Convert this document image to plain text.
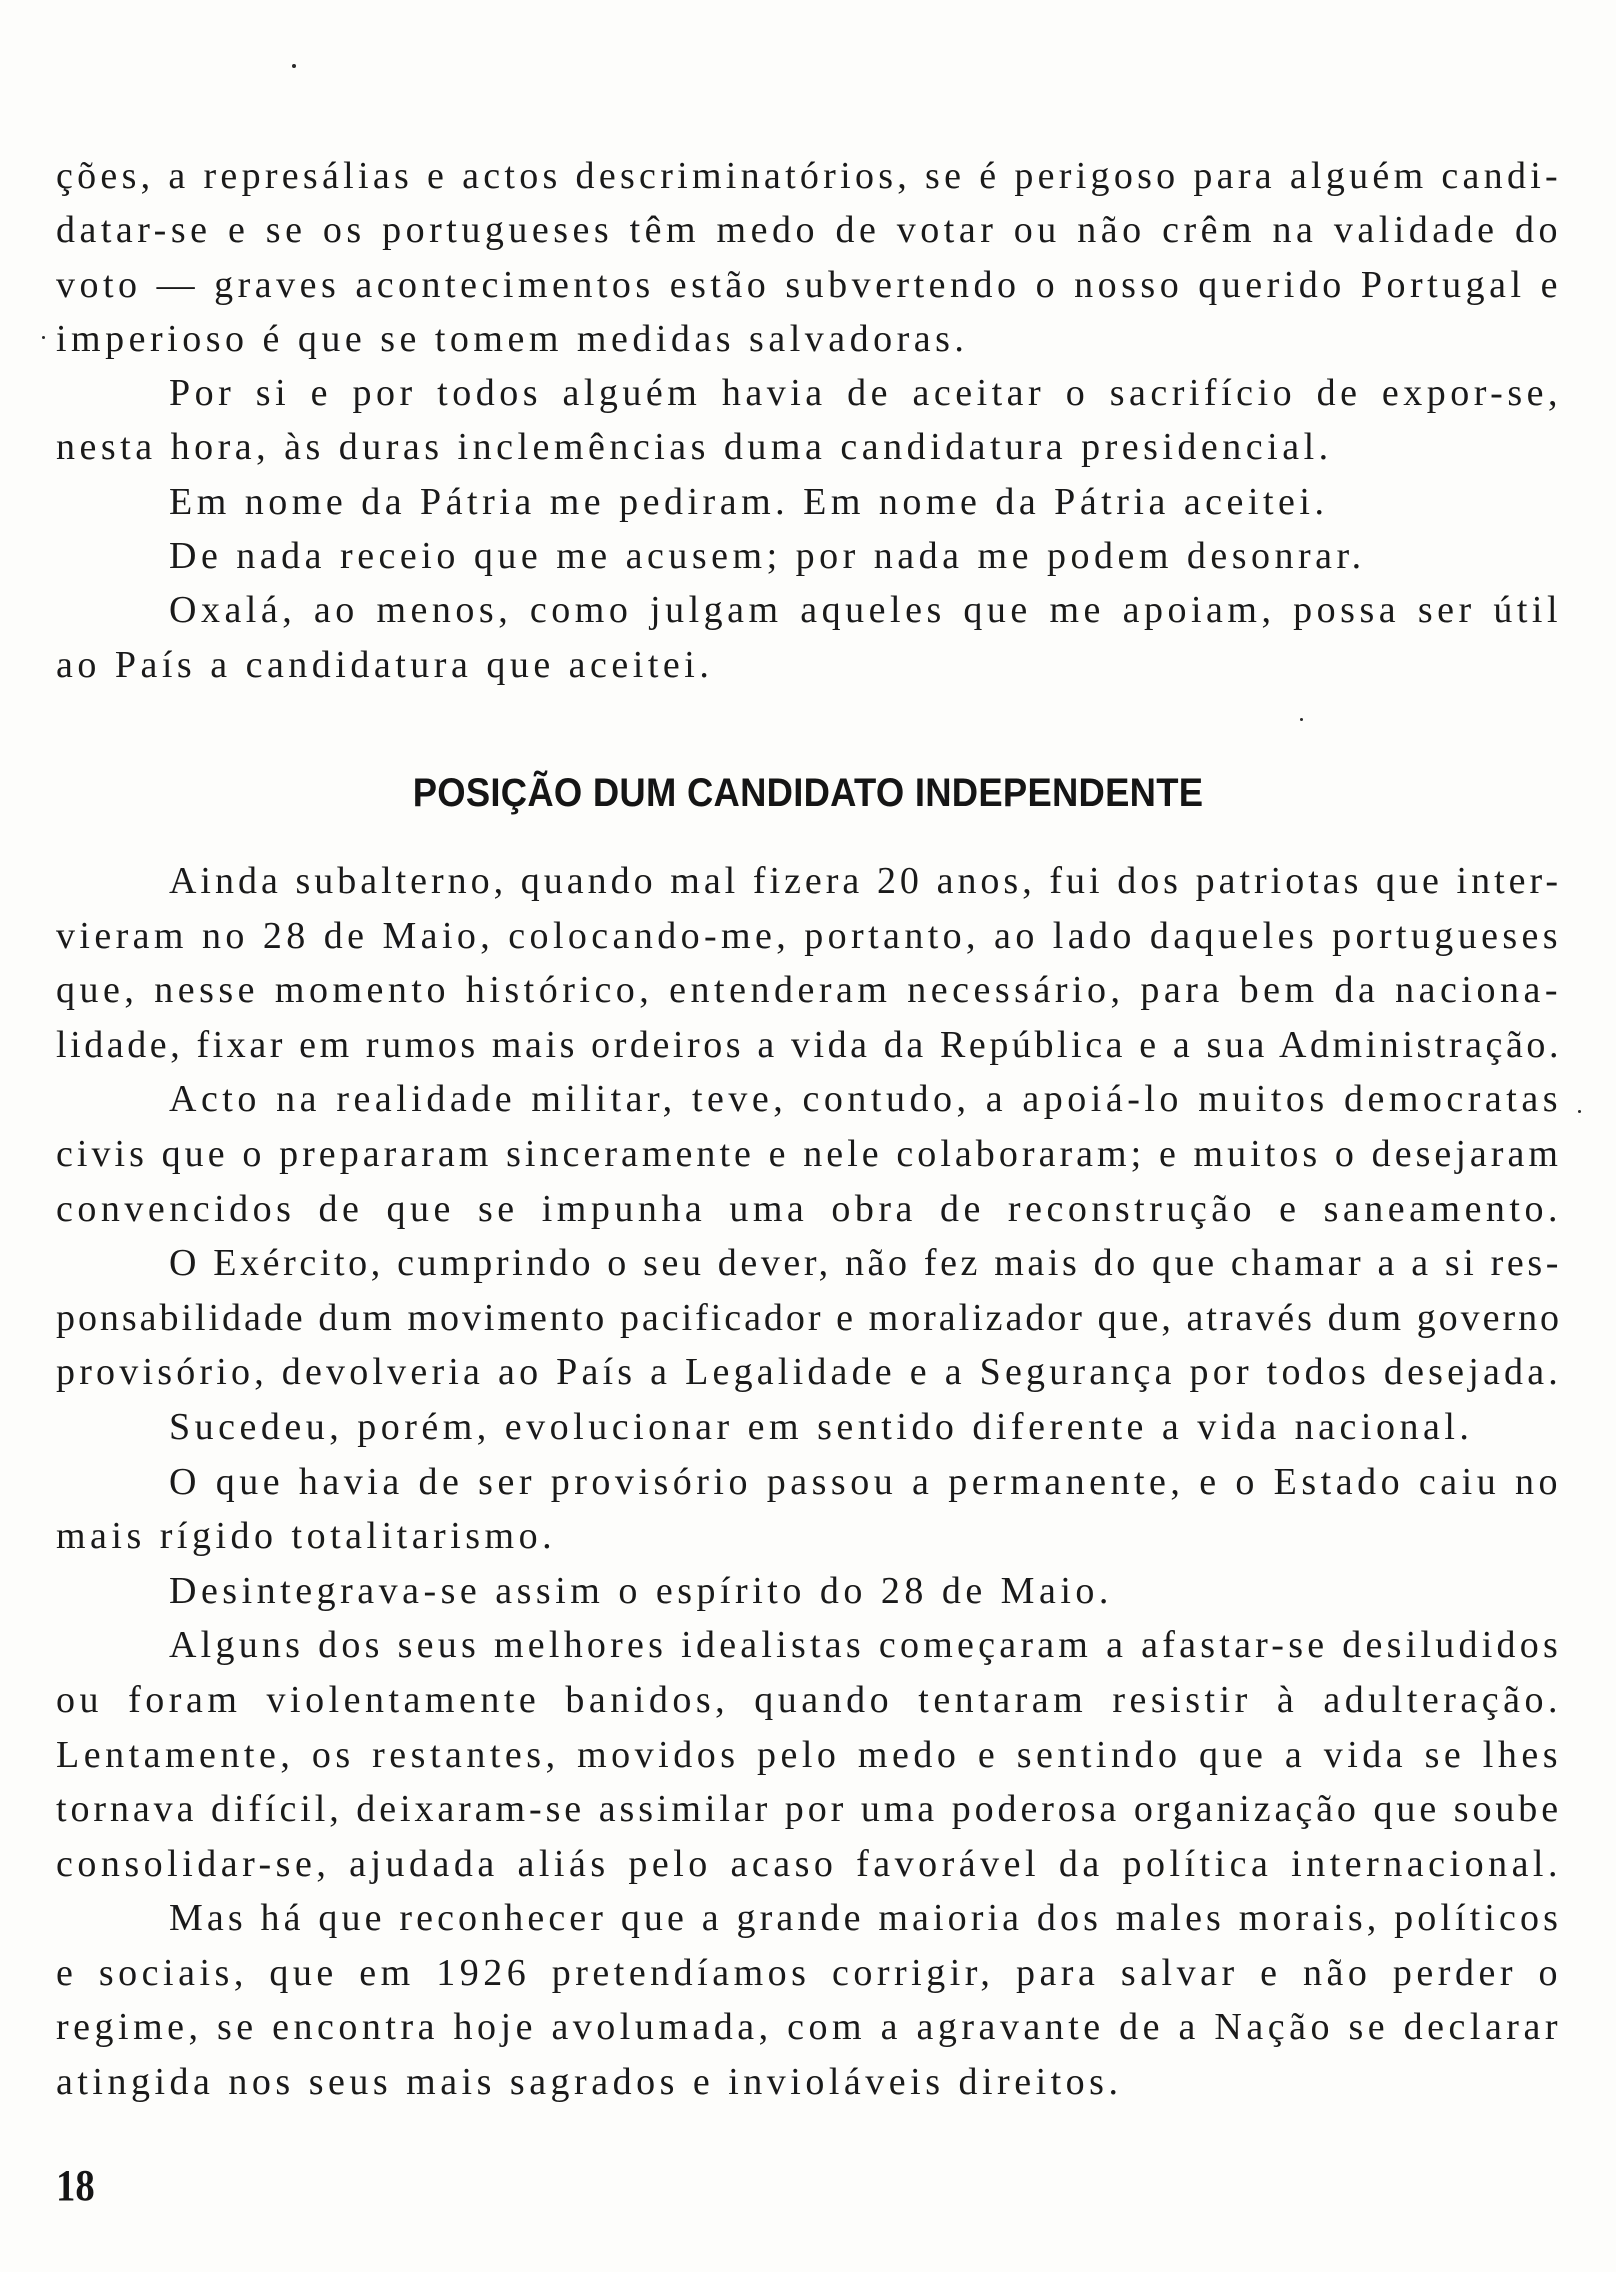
ções, a represálias e actos descriminatórios, se é perigoso para alguém candi-
datar-se e se os portugueses têm medo de votar ou não crêm na validade do
voto — graves acontecimentos estão subvertendo o nosso querido Portugal e
imperioso é que se tomem medidas salvadoras.
Por si e por todos alguém havia de aceitar o sacrifício de expor-se,
nesta hora, às duras inclemências duma candidatura presidencial.
Em nome da Pátria me pediram. Em nome da Pátria aceitei.
De nada receio que me acusem; por nada me podem desonrar.
Oxalá, ao menos, como julgam aqueles que me apoiam, possa ser útil
ao País a candidatura que aceitei.
POSIÇÃO DUM CANDIDATO INDEPENDENTE
Ainda subalterno, quando mal fizera 20 anos, fui dos patriotas que inter-
vieram no 28 de Maio, colocando-me, portanto, ao lado daqueles portugueses
que, nesse momento histórico, entenderam necessário, para bem da naciona-
lidade, fixar em rumos mais ordeiros a vida da República e a sua Administração.
Acto na realidade militar, teve, contudo, a apoiá-lo muitos democratas
civis que o prepararam sinceramente e nele colaboraram; e muitos o desejaram
convencidos de que se impunha uma obra de reconstrução e saneamento.
O Exército, cumprindo o seu dever, não fez mais do que chamar a a si res-
ponsabilidade dum movimento pacificador e moralizador que, através dum governo
provisório, devolveria ao País a Legalidade e a Segurança por todos desejada.
Sucedeu, porém, evolucionar em sentido diferente a vida nacional.
O que havia de ser provisório passou a permanente, e o Estado caiu no
mais rígido totalitarismo.
Desintegrava-se assim o espírito do 28 de Maio.
Alguns dos seus melhores idealistas começaram a afastar-se desiludidos
ou foram violentamente banidos, quando tentaram resistir à adulteração.
Lentamente, os restantes, movidos pelo medo e sentindo que a vida se lhes
tornava difícil, deixaram-se assimilar por uma poderosa organização que soube
consolidar-se, ajudada aliás pelo acaso favorável da política internacional.
Mas há que reconhecer que a grande maioria dos males morais, políticos
e sociais, que em 1926 pretendíamos corrigir, para salvar e não perder o
regime, se encontra hoje avolumada, com a agravante de a Nação se declarar
atingida nos seus mais sagrados e invioláveis direitos.
18
